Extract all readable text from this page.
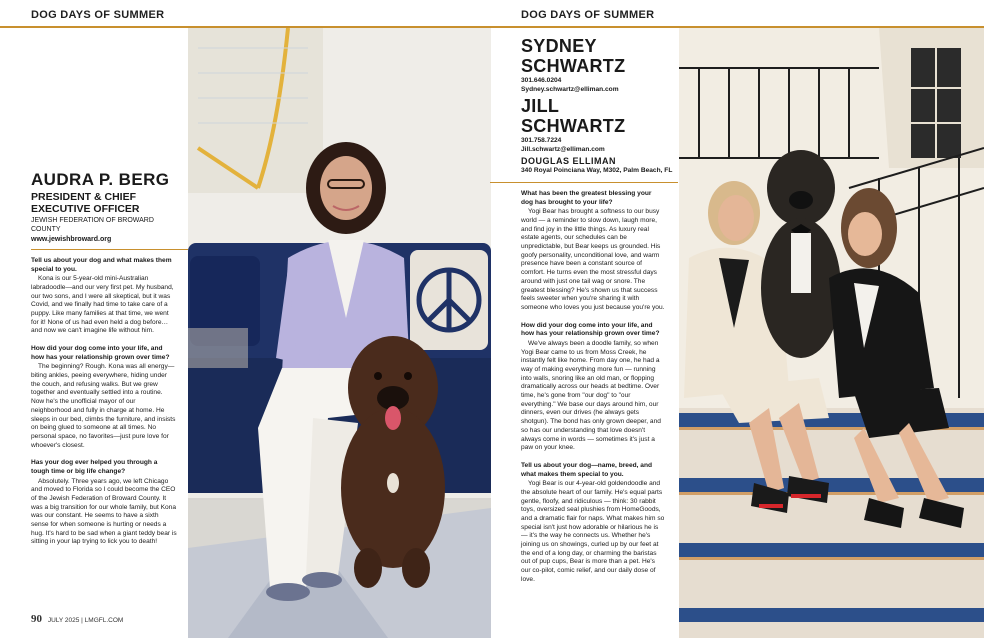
DOG DAYS OF SUMMER	DOG DAYS OF SUMMER
AUDRA P. BERG
PRESIDENT & CHIEF EXECUTIVE OFFICER
JEWISH FEDERATION OF BROWARD COUNTY
www.jewishbroward.org

Tell us about your dog and what makes them special to you.

Kona is our 5-year-old mini-Australian labradoodle—and our very first pet. My husband, our two sons, and I were all skeptical, but it was Covid, and we finally had time to take care of a puppy. Like many families at that time, we went for it! None of us had even held a dog before… and now we can't imagine life without him.

How did your dog come into your life, and how has your relationship grown over time?

The beginning? Rough. Kona was all energy—biting ankles, peeing everywhere, hiding under the couch, and refusing walks. But we grew together and eventually settled into a routine. Now he's the unofficial mayor of our neighborhood and fully in charge at home. He sleeps in our bed, climbs the furniture, and insists on being glued to someone at all times. No personal space, no favorites—just pure love for whoever's closest.

Has your dog ever helped you through a tough time or big life change?

Absolutely. Three years ago, we left Chicago and moved to Florida so I could become the CEO of the Jewish Federation of Broward County. It was a big transition for our whole family, but Kona was our constant. He seems to have a sixth sense for when someone is hurting or needs a hug. It's hard to be sad when a giant teddy bear is sitting in your lap trying to lick you to death!

SYDNEY SCHWARTZ
301.646.0204
Sydney.schwartz@elliman.com
JILL SCHWARTZ
301.758.7224
Jill.schwartz@elliman.com
DOUGLAS ELLIMAN
340 Royal Poinciana Way, M302, Palm Beach, FL

What has been the greatest blessing your dog has brought to your life?

Yogi Bear has brought a softness to our busy world — a reminder to slow down, laugh more, and find joy in the little things. As luxury real estate agents, our schedules can be unpredictable, but Bear keeps us grounded. His goofy personality, unconditional love, and warm presence have been a constant source of comfort. He turns even the most stressful days around with just one tail wag or snore. The greatest blessing? He's shown us that success feels sweeter when you're sharing it with someone who loves you just because you're you.

How did your dog come into your life, and how has your relationship grown over time?

We've always been a doodle family, so when Yogi Bear came to us from Moss Creek, he instantly felt like home. From day one, he had a way of making everything more fun — running into walls, snoring like an old man, or flopping dramatically across our heads at bedtime. Over time, he's gone from "our dog" to "our everything." We base our days around him, our dinners, even our drives (he always gets shotgun). The bond has only grown deeper, and so has our understanding that love doesn't always come in words — sometimes it's just a paw on your knee.

Tell us about your dog—name, breed, and what makes them special to you.

Yogi Bear is our 4-year-old goldendoodle and the absolute heart of our family. He's equal parts gentle, floofy, and ridiculous — think: 30 rabbit toys, oversized seal plushies from HomeGoods, and a dramatic flair for naps. What makes him so special isn't just how adorable or hilarious he is — it's the way he connects us. Whether he's joining us on showings, curled up by our feet at the end of a long day, or charming the baristas out of pup cups, Bear is more than a pet. He's our co-pilot, comic relief, and our daily dose of love.

90 JULY 2025 | LMGFL.COM
